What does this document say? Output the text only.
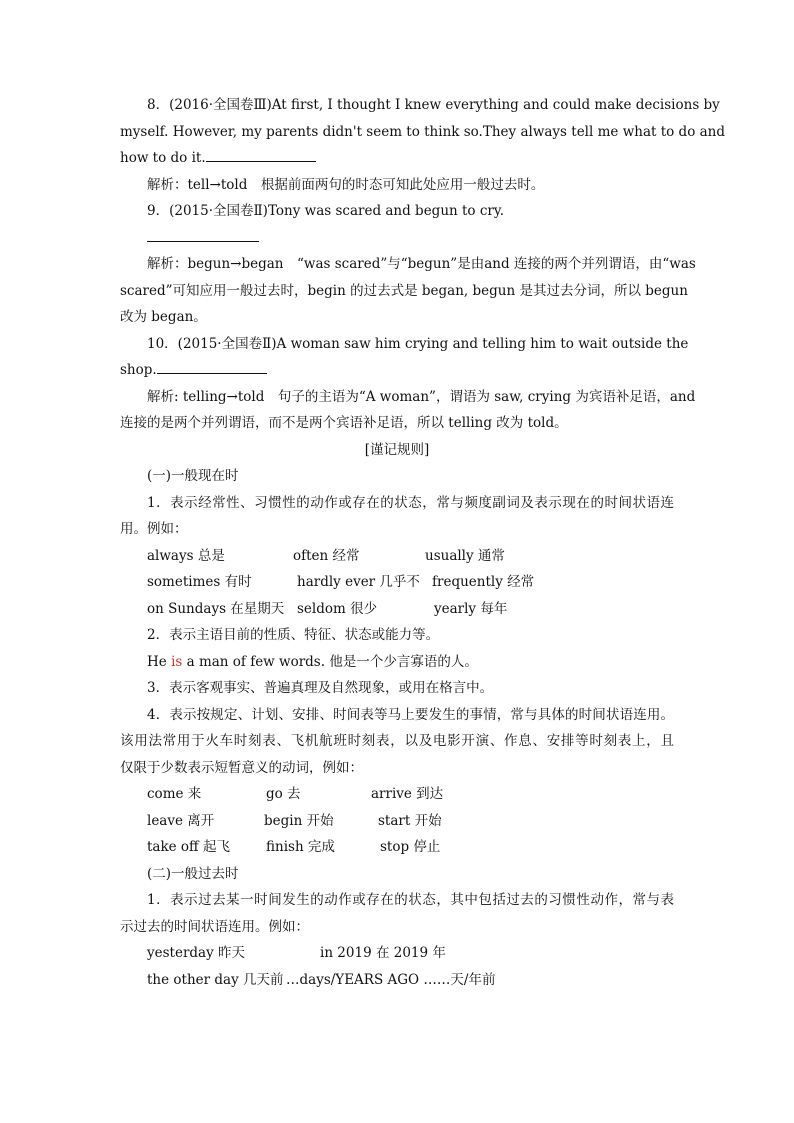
8．(2016·全国卷Ⅲ)At first, I thought I knew everything and could make decisions by
myself. However, my parents didn't seem to think so.They always tell me what to do and
how to do it.
解析：tell→told　根据前面两句的时态可知此处应用一般过去时。
9．(2015·全国卷Ⅱ)Tony was scared and begun to cry.
解析：begun→began　“was scared”与“begun”是由and 连接的两个并列谓语，由“was
scared”可知应用一般过去时，begin 的过去式是 began, begun 是其过去分词，所以 begun
改为 began。
10．(2015·全国卷Ⅱ)A woman saw him crying and telling him to wait outside the
shop.
解析: telling→told　句子的主语为“A woman”，谓语为 saw, crying 为宾语补足语，and
连接的是两个并列谓语，而不是两个宾语补足语，所以 telling 改为 told。
[谨记规则]
(一)一般现在时
1．表示经常性、习惯性的动作或存在的状态，常与频度副词及表示现在的时间状语连
用。例如：
always 总是	often 经常	usually 通常
sometimes 有时	hardly ever 几乎不 frequently 经常
on Sundays 在星期天 seldom 很少	yearly 每年
2．表示主语目前的性质、特征、状态或能力等。
He is a man of few words. 他是一个少言寡语的人。
3．表示客观事实、普遍真理及自然现象，或用在格言中。
4．表示按规定、计划、安排、时间表等马上要发生的事情，常与具体的时间状语连用。
该用法常用于火车时刻表、飞机航班时刻表，以及电影开演、作息、安排等时刻表上，且
仅限于少数表示短暂意义的动词，例如：
come 来	go 去	arrive 到达
leave 离开	begin 开始	start 开始
take off 起飞	finish 完成	stop 停止
(二)一般过去时
1．表示过去某一时间发生的动作或存在的状态，其中包括过去的习惯性动作，常与表
示过去的时间状语连用。例如：
yesterday 昨天	in 2019 在 2019 年
the other day 几天前 …days/YEARS AGO ……天/年前
